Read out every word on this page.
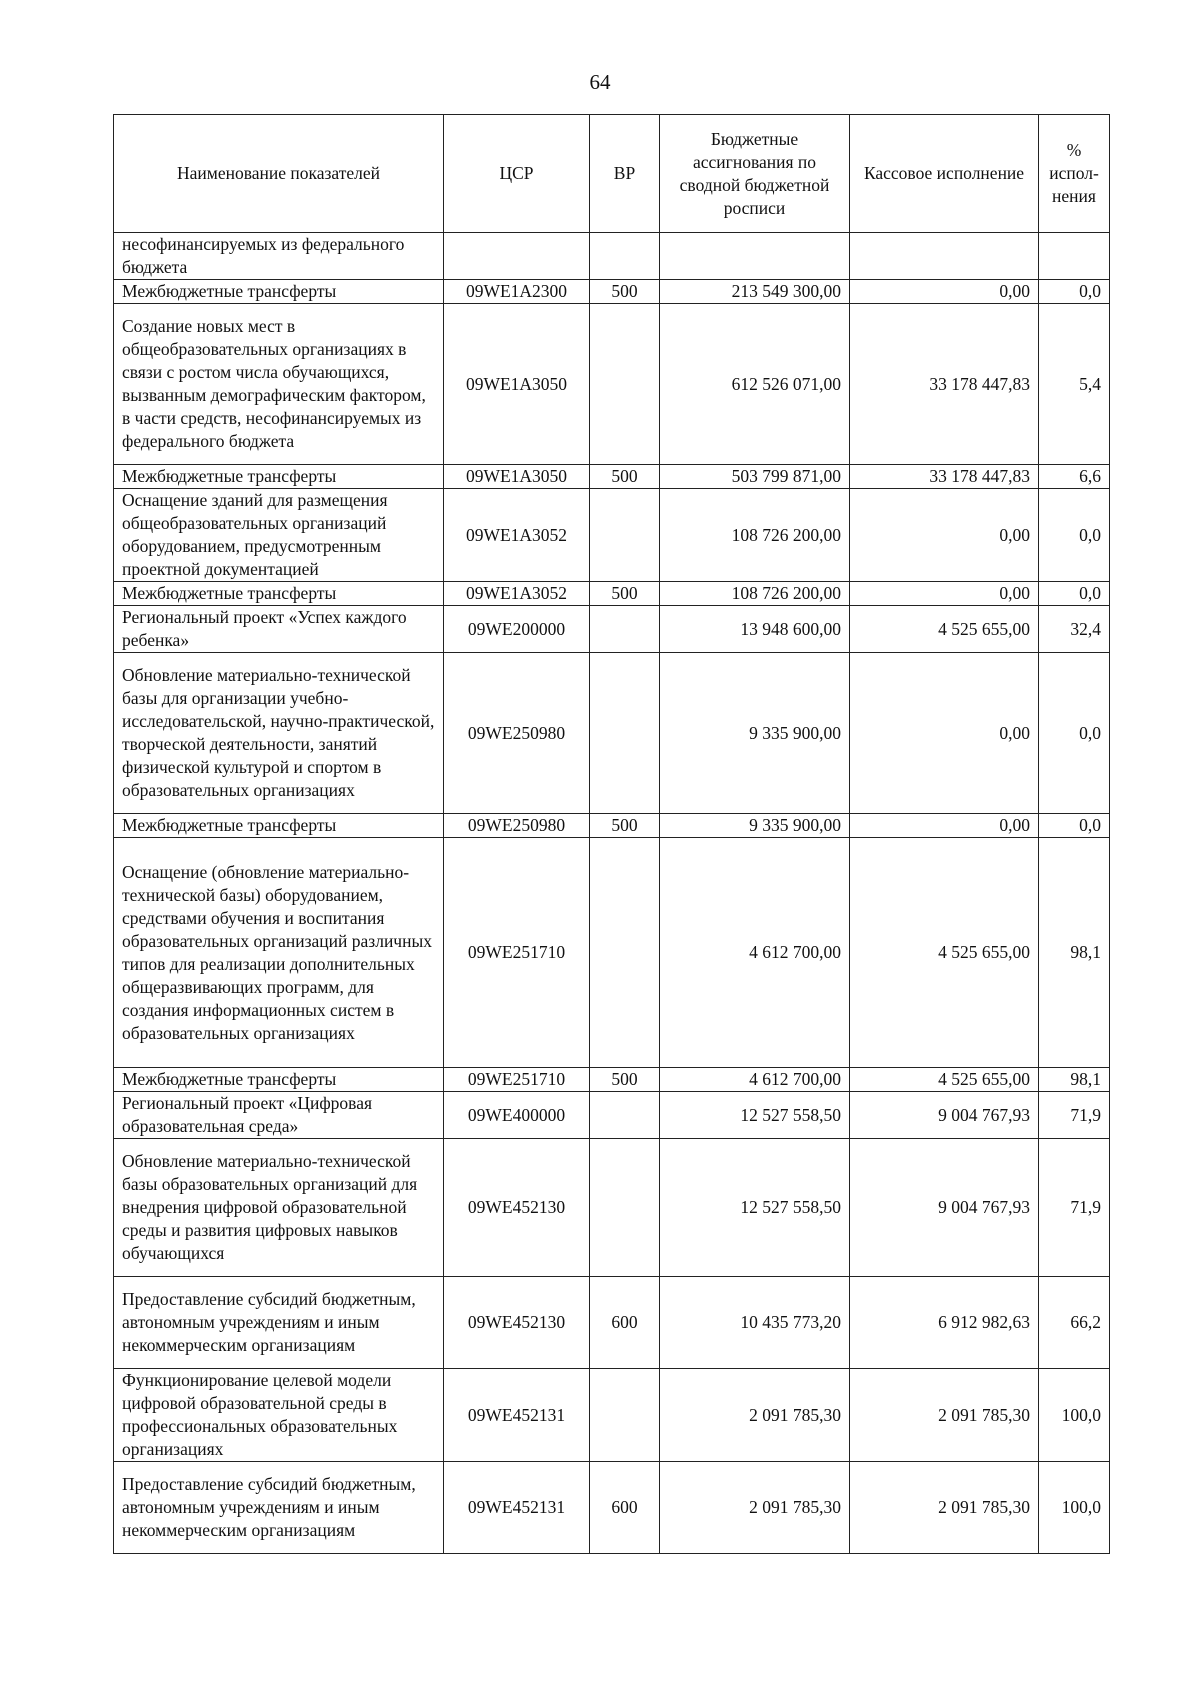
64
Наименование показателей	ЦСР	ВР	Бюджетные ассигнования по сводной бюджетной росписи	Кассовое исполнение	% испол-нения
несофинансируемых из федерального бюджета					
Межбюджетные трансферты	09WE1A2300	500	213 549 300,00	0,00	0,0
Создание новых мест в общеобразовательных организациях в связи с ростом числа обучающихся, вызванным демографическим фактором, в части средств, несофинансируемых из федерального бюджета	09WE1A3050		612 526 071,00	33 178 447,83	5,4
Межбюджетные трансферты	09WE1A3050	500	503 799 871,00	33 178 447,83	6,6
Оснащение зданий для размещения общеобразовательных организаций оборудованием, предусмотренным проектной документацией	09WE1A3052		108 726 200,00	0,00	0,0
Межбюджетные трансферты	09WE1A3052	500	108 726 200,00	0,00	0,0
Региональный проект «Успех каждого ребенка»	09WE200000		13 948 600,00	4 525 655,00	32,4
Обновление материально-технической базы для организации учебно-исследовательской, научно-практической, творческой деятельности, занятий физической культурой и спортом в образовательных организациях	09WE250980		9 335 900,00	0,00	0,0
Межбюджетные трансферты	09WE250980	500	9 335 900,00	0,00	0,0
Оснащение (обновление материально-технической базы) оборудованием, средствами обучения и воспитания образовательных организаций различных типов для реализации дополнительных общеразвивающих программ, для создания информационных систем в образовательных организациях	09WE251710		4 612 700,00	4 525 655,00	98,1
Межбюджетные трансферты	09WE251710	500	4 612 700,00	4 525 655,00	98,1
Региональный проект «Цифровая образовательная среда»	09WE400000		12 527 558,50	9 004 767,93	71,9
Обновление материально-технической базы образовательных организаций для внедрения цифровой образовательной среды и развития цифровых навыков обучающихся	09WE452130		12 527 558,50	9 004 767,93	71,9
Предоставление субсидий бюджетным, автономным учреждениям и иным некоммерческим организациям	09WE452130	600	10 435 773,20	6 912 982,63	66,2
Функционирование целевой модели цифровой образовательной среды в профессиональных образовательных организациях	09WE452131		2 091 785,30	2 091 785,30	100,0
Предоставление субсидий бюджетным, автономным учреждениям и иным некоммерческим организациям	09WE452131	600	2 091 785,30	2 091 785,30	100,0
